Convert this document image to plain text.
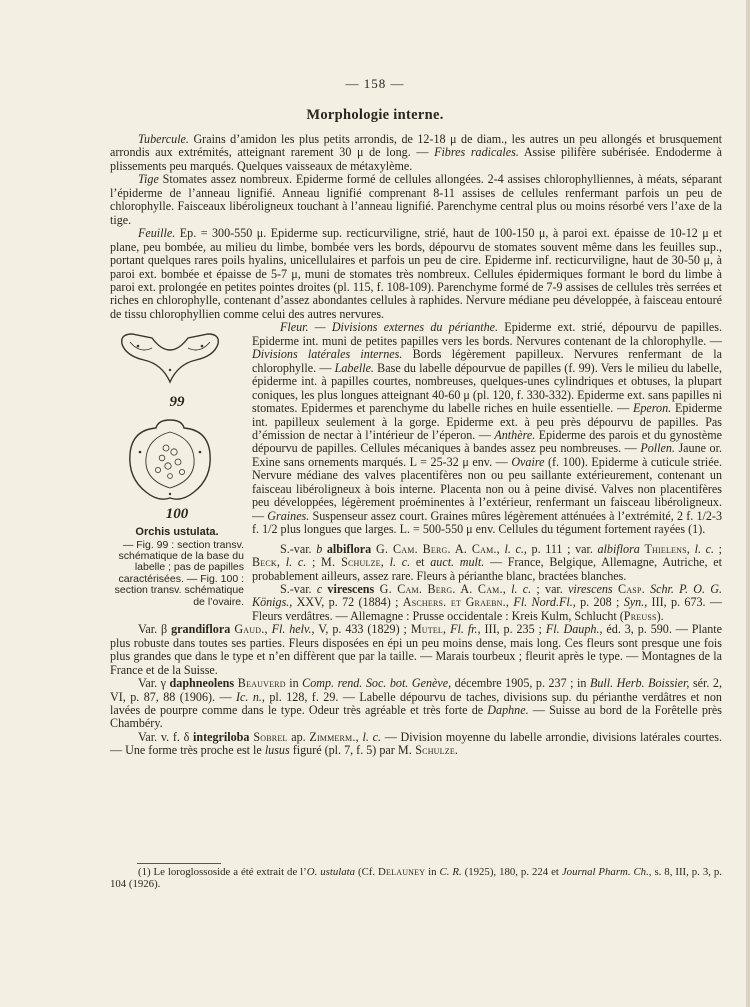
— 158 —
Morphologie interne.

Tubercule. Grains d’amidon les plus petits arrondis, de 12-18 μ de diam., les autres un peu allongés et brusquement arrondis aux extrémités, atteignant rarement 30 μ de long. — Fibres radicales. Assise pilifère subérisée. Endoderme à plissements peu marqués. Quelques vaisseaux de métaxylème.

Tige Stomates assez nombreux. Epiderme formé de cellules allongées. 2-4 assises chlorophylliennes, à méats, séparant l’épiderme de l’anneau lignifié. Anneau lignifié comprenant 8-11 assises de cellules renfermant parfois un peu de chlorophylle. Faisceaux libéroligneux touchant à l’anneau lignifié. Parenchyme central plus ou moins résorbé vers l’axe de la tige.

Feuille. Ep. = 300-550 μ. Epiderme sup. recticurviligne, strié, haut de 100-150 μ, à paroi ext. épaisse de 10-12 μ et plane, peu bombée, au milieu du limbe, bombée vers les bords, dépourvu de stomates souvent même dans les feuilles sup., portant quelques rares poils hyalins, unicellulaires et parfois un peu de cire. Epiderme inf. recticurviligne, haut de 30-50 μ, à paroi ext. bombée et épaisse de 5-7 μ, muni de stomates très nombreux. Cellules épidermiques formant le bord du limbe à paroi ext. prolongée en petites pointes droites (pl. 115, f. 108-109). Parenchyme formé de 7-9 assises de cellules très serrées et riches en chlorophylle, contenant d’assez abondantes cellules à raphides. Nervure médiane peu développée, à faisceau entouré de tissu chlorophyllien comme celui des autres nervures.

99
100
Orchis ustulata.
— Fig. 99 : section transv. schématique de la base du labelle ; pas de papilles caractérisées. — Fig. 100 : section transv. schématique de l’ovaire.

Fleur. — Divisions externes du périanthe. Epiderme ext. strié, dépourvu de papilles. Epiderme int. muni de petites papilles vers les bords. Nervures contenant de la chlorophylle. — Divisions latérales internes. Bords légèrement papilleux. Nervures renfermant de la chlorophylle. — Labelle. Base du labelle dépourvue de papilles (f. 99). Vers le milieu du labelle, épiderme int. à papilles courtes, nombreuses, quelques-unes cylindriques et obtuses, la plupart coniques, les plus longues atteignant 40-60 μ (pl. 120, f. 330-332). Epiderme ext. sans papilles ni stomates. Epidermes et parenchyme du labelle riches en huile essentielle. — Eperon. Epiderme int. papilleux seulement à la gorge. Epiderme ext. à peu près dépourvu de papilles. Pas d’émission de nectar à l’intérieur de l’éperon. — Anthère. Epiderme des parois et du gynostème dépourvu de papilles. Cellules mécaniques à bandes assez peu nombreuses. — Pollen. Jaune or. Exine sans ornements marqués. L = 25-32 μ env. — Ovaire (f. 100). Epiderme à cuticule striée. Nervure médiane des valves placentifères non ou peu saillante extérieurement, contenant un faisceau libéroligneux à bois interne. Placenta non ou à peine divisé. Valves non placentifères peu développées, légèrement proéminentes à l’extérieur, renfermant un faisceau libéroligneux. — Graines. Suspenseur assez court. Graines mûres légèrement atténuées à l’extrémité, 2 f. 1/2-3 f. 1/2 plus longues que larges. L. = 500-550 μ env. Cellules du tégument fortement rayées (1).

S.-var. b albiflora G. Cam. Berg. A. Cam., l. c., p. 111 ; var. albiflora Thielens, l. c. ; Beck, l. c. ; M. Schulze, l. c. et auct. mult. — France, Belgique, Allemagne, Autriche, et probablement ailleurs, assez rare. Fleurs à périanthe blanc, bractées blanches.

S.-var. c virescens G. Cam. Berg. A. Cam., l. c. ; var. virescens Casp. Schr. P. O. G. Königs., XXV, p. 72 (1884) ; Aschers. et Graebn., Fl. Nord.Fl., p. 208 ; Syn., III, p. 673. — Fleurs verdâtres. — Allemagne : Prusse occidentale : Kreis Kulm, Schlucht (Preuss).

Var. β grandiflora Gaud., Fl. helv., V, p. 433 (1829) ; Mutel, Fl. fr., III, p. 235 ; Fl. Dauph., éd. 3, p. 590. — Plante plus robuste dans toutes ses parties. Fleurs disposées en épi un peu moins dense, mais long. Ces fleurs sont presque une fois plus grandes que dans le type et n’en diffèrent que par la taille. — Marais tourbeux ; fleurit après le type. — Montagnes de la France et de la Suisse.

Var. γ daphneolens Beauverd in Comp. rend. Soc. bot. Genève, décembre 1905, p. 237 ; in Bull. Herb. Boissier, sér. 2, VI, p. 87, 88 (1906). — Ic. n., pl. 128, f. 29. — Labelle dépourvu de taches, divisions sup. du périanthe verdâtres et non lavées de pourpre comme dans le type. Odeur très agréable et très forte de Daphne. — Suisse au bord de la Forêtelle près Chambéry.

Var. v. f. δ integriloba Sobrel ap. Zimmerm., l. c. — Division moyenne du labelle arrondie, divisions latérales courtes. — Une forme très proche est le lusus figuré (pl. 7, f. 5) par M. Schulze.

(1) Le loroglossoside a été extrait de l’O. ustulata (Cf. Delauney in C. R. (1925), 180, p. 224 et Journal Pharm. Ch., s. 8, III, p. 3, p. 104 (1926).
